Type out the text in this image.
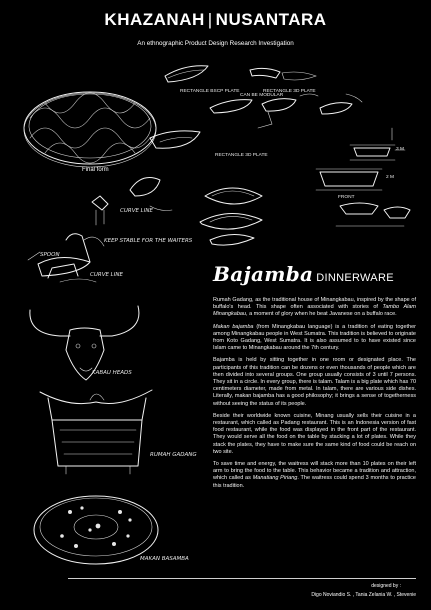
KHAZANAH | NUSANTARA
An ethnographic Product Design Research Investigation
RECTANGLE BSCP PLATE
CAN BE MODULAR
RECTANGLE 3D PLATE
RECTANGLE 3D PLATE
3 M
2 M
FRONT
CURVE LINE
SPOON
KEEP STABLE FOR THE WAITERS
CURVE LINE
KABAU HEADS
RUMAH GADANG
MAKAN BASAMBA
Final form
Bajamba DINNERWARE

Rumah Gadang, as the traditional house of Minangkabau, inspired by the shape of buffalo's head. This shape often associated with stories of Tambo Alam Minangkabau, a moment of glory when he beat Javanese on a buffalo race.

Makan bajamba (from Minangkabau language) is a tradition of eating together among Minangkabau people in West Sumatra. This tradition is believed to originate from Koto Gadang, West Sumatra. It is also assumed to to have existed since Islam came to Minangkabau around the 7th century.

Bajamba is held by sitting together in one room or designated place. The participants of this tradition can be dozens or even thousands of people which are then divided into several groups. One group usually consists of 3 until 7 persons. They sit in a circle. In every group, there is talam. Talam is a big plate which has 70 centimeters diameter, made from metal. In talam, there are various side dishes. Literally, makan bajamba has a good philosophy; it brings a sense of togetherness without seeing the status of its people.

Beside their worldwide known cuisine, Minang usually sells their cuisine in a restaurant, which called as Padang restaurant. This is an Indonesia version of fast food restaurant, while the food was displayed in the front part of the restaurant. They would serve all the food on the table by stacking a lot of plates. While they stack the plates, they have to make sure the same kind of food could be reach on two site.

To save time and energy, the waitress will stack more than 10 plates on their left arm to bring the food to the table. This behavior became a tradition and attraction, which called as Manatiang Piriang. The waitress could spend 3 months to practice this tradition.

designed by :
Digo Noviandio S. , Tania Zelania W. , Stevenie
